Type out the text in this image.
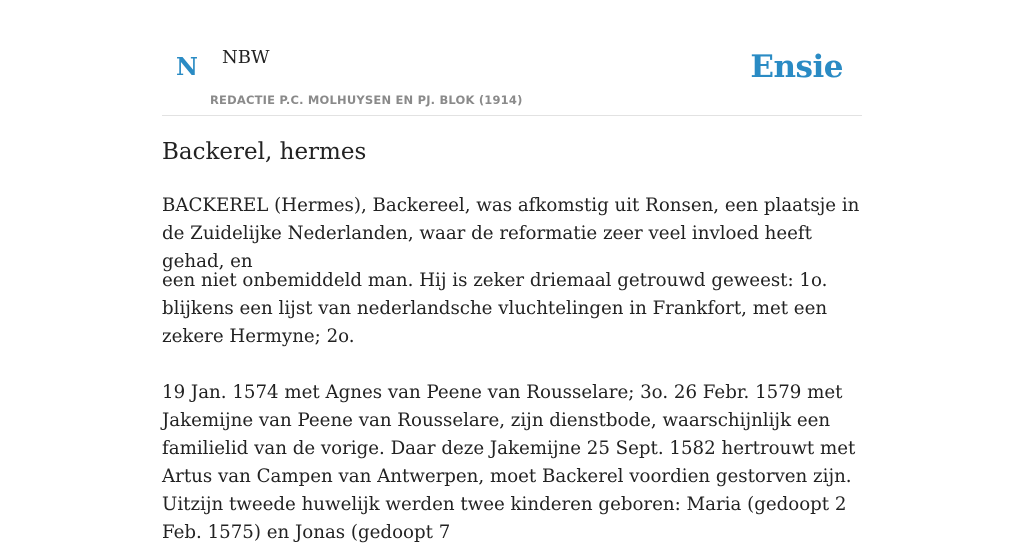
N NBW
REDACTIE P.C. MOLHUYSEN EN PJ. BLOK (1914)
Ensie
Backerel, hermes

BACKEREL (Hermes), Backereel, was afkomstig uit Ronsen, een plaatsje in de Zuidelijke Nederlanden, waar de reformatie zeer veel invloed heeft gehad, en

een niet onbemiddeld man. Hij is zeker driemaal getrouwd geweest: 1o. blijkens een lijst van nederlandsche vluchtelingen in Frankfort, met een zekere Hermyne; 2o.

19 Jan. 1574 met Agnes van Peene van Rousselare; 3o. 26 Febr. 1579 met Jakemijne van Peene van Rousselare, zijn dienstbode, waarschijnlijk een familielid van de vorige. Daar deze Jakemijne 25 Sept. 1582 hertrouwt met Artus van Campen van Antwerpen, moet Backerel voordien gestorven zijn. Uitzijn tweede huwelijk werden twee kinderen geboren: Maria (gedoopt 2 Feb. 1575) en Jonas (gedoopt 7
